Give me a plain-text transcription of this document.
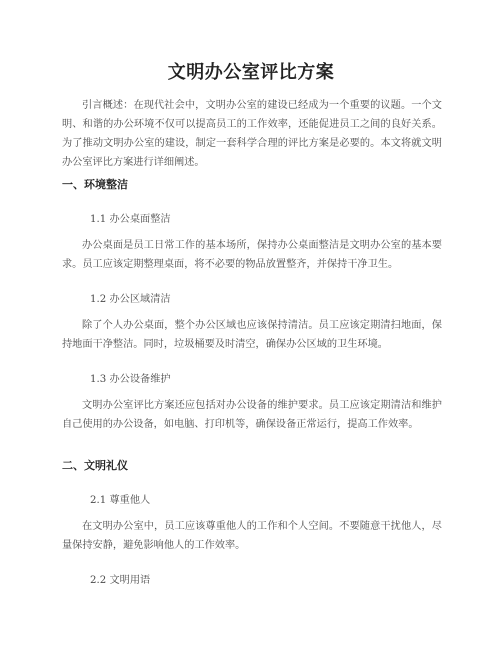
文明办公室评比方案
引言概述：在现代社会中，文明办公室的建设已经成为一个重要的议题。一个文明、和谐的办公环境不仅可以提高员工的工作效率，还能促进员工之间的良好关系。为了推动文明办公室的建设，制定一套科学合理的评比方案是必要的。本文将就文明办公室评比方案进行详细阐述。
一、环境整洁
1.1 办公桌面整洁
办公桌面是员工日常工作的基本场所，保持办公桌面整洁是文明办公室的基本要求。员工应该定期整理桌面，将不必要的物品放置整齐，并保持干净卫生。
1.2 办公区域清洁
除了个人办公桌面，整个办公区域也应该保持清洁。员工应该定期清扫地面，保持地面干净整洁。同时，垃圾桶要及时清空，确保办公区域的卫生环境。
1.3 办公设备维护
文明办公室评比方案还应包括对办公设备的维护要求。员工应该定期清洁和维护自己使用的办公设备，如电脑、打印机等，确保设备正常运行，提高工作效率。
二、文明礼仪
2.1 尊重他人
在文明办公室中，员工应该尊重他人的工作和个人空间。不要随意干扰他人，尽量保持安静，避免影响他人的工作效率。
2.2 文明用语
